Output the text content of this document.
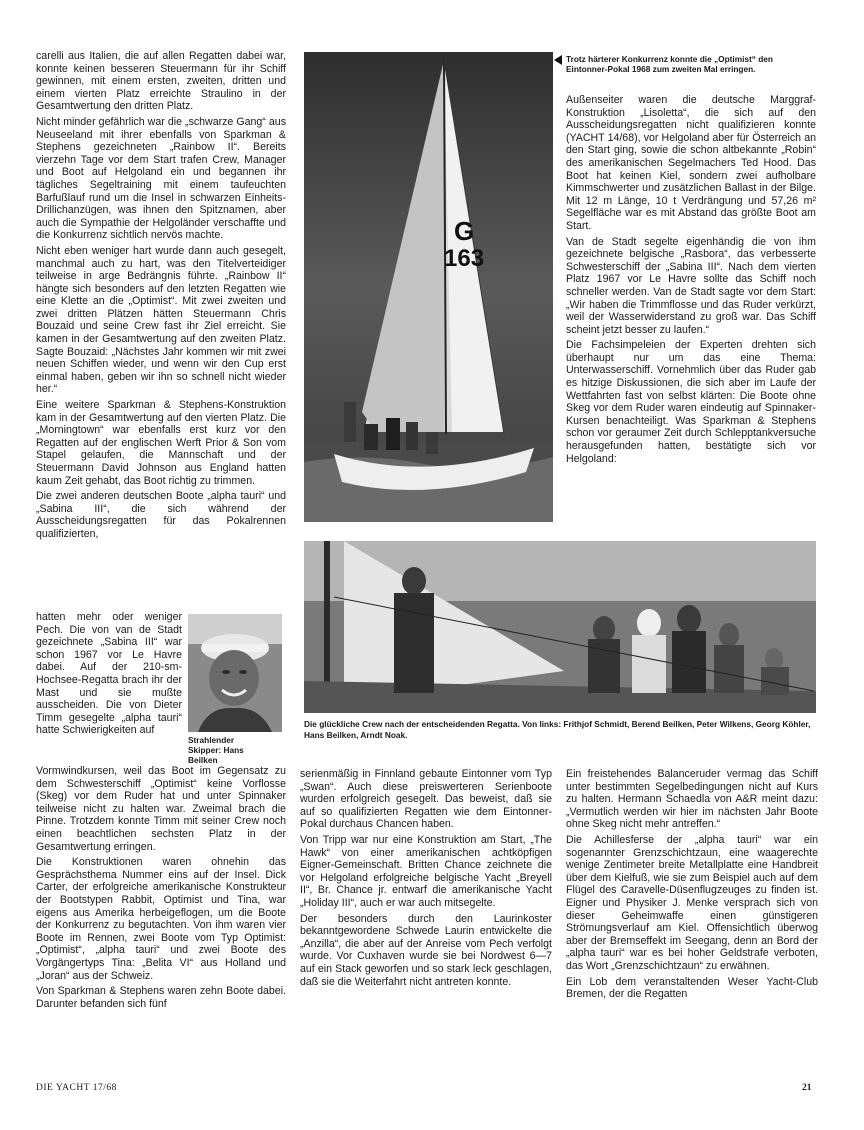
carelli aus Italien, die auf allen Regatten dabei war, konnte keinen besseren Steuermann für ihr Schiff gewinnen, mit einem ersten, zweiten, dritten und einem vierten Platz erreichte Straulino in der Gesamtwertung den dritten Platz.

Nicht minder gefährlich war die „schwarze Gang“ aus Neuseeland mit ihrer ebenfalls von Sparkman & Stephens gezeichneten „Rainbow II“. Bereits vierzehn Tage vor dem Start trafen Crew, Manager und Boot auf Helgoland ein und begannen ihr tägliches Segeltraining mit einem taufeuchten Barfußlauf rund um die Insel in schwarzen Einheits-Drillichanzügen, was ihnen den Spitznamen, aber auch die Sympathie der Helgoländer verschaffte und die Konkurrenz sichtlich nervös machte.

Nicht eben weniger hart wurde dann auch gesegelt, manchmal auch zu hart, was den Titelverteidiger teilweise in arge Bedrängnis führte. „Rainbow II“ hängte sich besonders auf den letzten Regatten wie eine Klette an die „Optimist“. Mit zwei zweiten und zwei dritten Plätzen hätten Steuermann Chris Bouzaid und seine Crew fast ihr Ziel erreicht. Sie kamen in der Gesamtwertung auf den zweiten Platz. Sagte Bouzaid: „Nächstes Jahr kommen wir mit zwei neuen Schiffen wieder, und wenn wir den Cup erst einmal haben, geben wir ihn so schnell nicht wieder her.“

Eine weitere Sparkman & Stephens-Konstruktion kam in der Gesamtwertung auf den vierten Platz. Die „Morningtown“ war ebenfalls erst kurz vor den Regatten auf der englischen Werft Prior & Son vom Stapel gelaufen, die Mannschaft und der Steuermann David Johnson aus England hatten kaum Zeit gehabt, das Boot richtig zu trimmen.

Die zwei anderen deutschen Boote „alpha tauri“ und „Sabina III“, die sich während der Ausscheidungsregatten für das Pokalrennen qualifizierten,

hatten mehr oder weniger Pech. Die von van de Stadt gezeichnete „Sabina III“ war schon 1967 vor Le Havre dabei. Auf der 210-sm-Hochsee-Regatta brach ihr der Mast und sie mußte ausscheiden. Die von Dieter Timm gesegelte „alpha tauri“ hatte Schwierigkeiten auf
Strahlender Skipper: Hans Beilken

Vormwindkursen, weil das Boot im Gegensatz zu dem Schwesterschiff „Optimist“ keine Vorflosse (Skeg) vor dem Ruder hat und unter Spinnaker teilweise nicht zu halten war. Zweimal brach die Pinne. Trotzdem konnte Timm mit seiner Crew noch einen beachtlichen sechsten Platz in der Gesamtwertung erringen.

Die Konstruktionen waren ohnehin das Gesprächsthema Nummer eins auf der Insel. Dick Carter, der erfolgreiche amerikanische Konstrukteur der Bootstypen Rabbit, Optimist und Tina, war eigens aus Amerika herbeigeflogen, um die Boote der Konkurrenz zu begutachten. Von ihm waren vier Boote im Rennen, zwei Boote vom Typ Optimist: „Optimist“, „alpha tauri“ und zwei Boote des Vorgängertyps Tina: „Belita VI“ aus Holland und „Joran“ aus der Schweiz.

Von Sparkman & Stephens waren zehn Boote dabei. Darunter befanden sich fünf

G
163
Trotz härterer Konkurrenz konnte die „Optimist“ den Eintonner-Pokal 1968 zum zweiten Mal erringen.

Außenseiter waren die deutsche Marggraf-Konstruktion „Lisoletta“, die sich auf den Ausscheidungsregatten nicht qualifizieren konnte (YACHT 14/68), vor Helgoland aber für Österreich an den Start ging, sowie die schon altbekannte „Robin“ des amerikanischen Segelmachers Ted Hood. Das Boot hat keinen Kiel, sondern zwei aufholbare Kimmschwerter und zusätzlichen Ballast in der Bilge. Mit 12 m Länge, 10 t Verdrängung und 57,26 m² Segelfläche war es mit Abstand das größte Boot am Start.

Van de Stadt segelte eigenhändig die von ihm gezeichnete belgische „Rasbora“, das verbesserte Schwesterschiff der „Sabina III“. Nach dem vierten Platz 1967 vor Le Havre sollte das Schiff noch schneller werden. Van de Stadt sagte vor dem Start: „Wir haben die Trimmflosse und das Ruder verkürzt, weil der Wasserwiderstand zu groß war. Das Schiff scheint jetzt besser zu laufen.“

Die Fachsimpeleien der Experten drehten sich überhaupt nur um das eine Thema: Unterwasserschiff. Vornehmlich über das Ruder gab es hitzige Diskussionen, die sich aber im Laufe der Wettfahrten fast von selbst klärten: Die Boote ohne Skeg vor dem Ruder waren eindeutig auf Spinnaker-Kursen benachteiligt. Was Sparkman & Stephens schon vor geraumer Zeit durch Schlepptankversuche herausgefunden hatten, bestätigte sich vor Helgoland:

Die glückliche Crew nach der entscheidenden Regatta. Von links: Frithjof Schmidt, Berend Beilken, Peter Wilkens, Georg Köhler, Hans Beilken, Arndt Noak.

serienmäßig in Finnland gebaute Eintonner vom Typ „Swan“. Auch diese preiswerteren Serienboote wurden erfolgreich gesegelt. Das beweist, daß sie auf so qualifizierten Regatten wie dem Eintonner-Pokal durchaus Chancen haben.

Von Tripp war nur eine Konstruktion am Start, „The Hawk“ von einer amerikanischen achtköpfigen Eigner-Gemeinschaft. Britten Chance zeichnete die vor Helgoland erfolgreiche belgische Yacht „Breyell II“, Br. Chance jr. entwarf die amerikanische Yacht „Holiday III“, auch er war auch mitsegelte.

Der besonders durch den Laurinkoster bekanntgewordene Schwede Laurin entwickelte die „Anzilla“, die aber auf der Anreise vom Pech verfolgt wurde. Vor Cuxhaven wurde sie bei Nordwest 6—7 auf ein Stack geworfen und so stark leck geschlagen, daß sie die Weiterfahrt nicht antreten konnte.

Ein freistehendes Balanceruder vermag das Schiff unter bestimmten Segelbedingungen nicht auf Kurs zu halten. Hermann Schaedla von A&R meint dazu: „Vermutlich werden wir hier im nächsten Jahr Boote ohne Skeg nicht mehr antreffen.“

Die Achillesferse der „alpha tauri“ war ein sogenannter Grenzschichtzaun, eine waagerechte wenige Zentimeter breite Metallplatte eine Handbreit über dem Kielfuß, wie sie zum Beispiel auch auf dem Flügel des Caravelle-Düsenflugzeuges zu finden ist. Eigner und Physiker J. Menke versprach sich von dieser Geheimwaffe einen günstigeren Strömungsverlauf am Kiel. Offensichtlich überwog aber der Bremseffekt im Seegang, denn an Bord der „alpha tauri“ war es bei hoher Geldstrafe verboten, das Wort „Grenzschichtzaun“ zu erwähnen.

Ein Lob dem veranstaltenden Weser Yacht-Club Bremen, der die Regatten

DIE YACHT 17/68	21
